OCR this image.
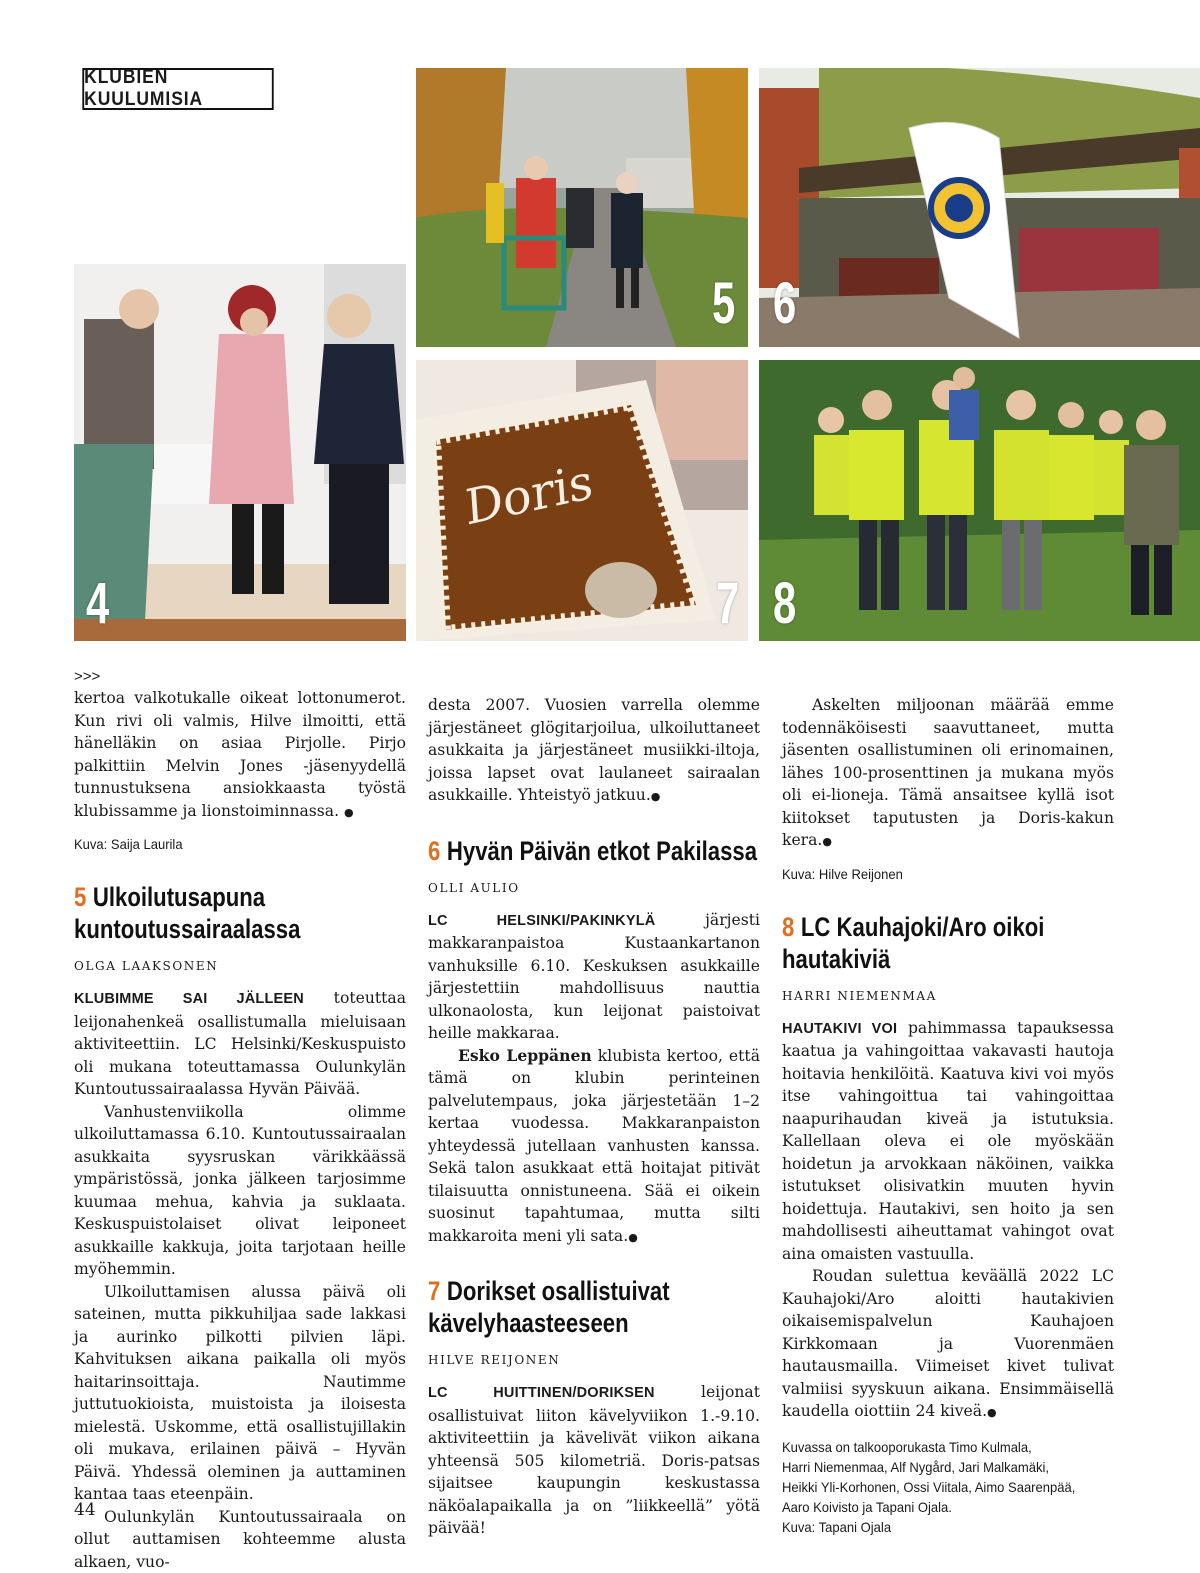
KLUBIEN KUULUMISIA
5 6
4
Doris
7 8
>>>

kertoa valkotukalle oikeat lottonumerot. Kun rivi oli valmis, Hilve ilmoitti, että hänelläkin on asiaa Pirjolle. Pirjo palkittiin Melvin Jones -jäsenyydellä tunnustuksena ansiokkaasta työstä klubissamme ja lionstoiminnassa. ●

Kuva: Saija Laurila
5 Ulkoilutusapuna kuntoutussairaalassa
OLGA LAAKSONEN

KLUBIMME SAI JÄLLEEN toteuttaa leijonahenkeä osallistumalla mieluisaan aktiviteettiin. LC Helsinki/Keskuspuisto oli mukana toteuttamassa Oulunkylän Kuntoutussairaalassa Hyvän Päivää.

Vanhustenviikolla olimme ulkoiluttamassa 6.10. Kuntoutussairaalan asukkaita syysruskan värikkäässä ympäristössä, jonka jälkeen tarjosimme kuumaa mehua, kahvia ja suklaata. Keskuspuistolaiset olivat leiponeet asukkaille kakkuja, joita tarjotaan heille myöhemmin.

Ulkoiluttamisen alussa päivä oli sateinen, mutta pikkuhiljaa sade lakkasi ja aurinko pilkotti pilvien läpi. Kahvituksen aikana paikalla oli myös haitarinsoittaja. Nautimme juttutuokioista, muistoista ja iloisesta mielestä. Uskomme, että osallistujillakin oli mukava, erilainen päivä – Hyvän Päivä. Yhdessä oleminen ja auttaminen kantaa taas eteenpäin.

Oulunkylän Kuntoutussairaala on ollut auttamisen kohteemme alusta alkaen, vuo-

desta 2007. Vuosien varrella olemme järjestäneet glögitarjoilua, ulkoiluttaneet asukkaita ja järjestäneet musiikki-iltoja, joissa lapset ovat laulaneet sairaalan asukkaille. Yhteistyö jatkuu.●

6 Hyvän Päivän etkot Pakilassa
OLLI AULIO

LC HELSINKI/PAKINKYLÄ järjesti makkaranpaistoa Kustaankartanon vanhuksille 6.10. Keskuksen asukkaille järjestettiin mahdollisuus nauttia ulkonaolosta, kun leijonat paistoivat heille makkaraa.

Esko Leppänen klubista kertoo, että tämä on klubin perinteinen palvelutempaus, joka järjestetään 1–2 kertaa vuodessa. Makkaranpaiston yhteydessä jutellaan vanhusten kanssa. Sekä talon asukkaat että hoitajat pitivät tilaisuutta onnistuneena. Sää ei oikein suosinut tapahtumaa, mutta silti makkaroita meni yli sata.●

7 Dorikset osallistuivat kävelyhaasteeseen
HILVE REIJONEN

LC HUITTINEN/DORIKSEN leijonat osallistuivat liiton kävelyviikon 1.-9.10. aktiviteettiin ja kävelivät viikon aikana yhteensä 505 kilometriä. Doris-patsas sijaitsee kaupungin keskustassa näköalapaikalla ja on ”liikkeellä” yötä päivää!

Askelten miljoonan määrää emme todennäköisesti saavuttaneet, mutta jäsenten osallistuminen oli erinomainen, lähes 100-prosenttinen ja mukana myös oli ei-lioneja. Tämä ansaitsee kyllä isot kiitokset taputusten ja Doris-kakun kera.●

Kuva: Hilve Reijonen
8 LC Kauhajoki/Aro oikoi hautakiviä
HARRI NIEMENMAA

HAUTAKIVI VOI pahimmassa tapauksessa kaatua ja vahingoittaa vakavasti hautoja hoitavia henkilöitä. Kaatuva kivi voi myös itse vahingoittua tai vahingoittaa naapurihaudan kiveä ja istutuksia. Kallellaan oleva ei ole myöskään hoidetun ja arvokkaan näköinen, vaikka istutukset olisivatkin muuten hyvin hoidettuja. Hautakivi, sen hoito ja sen mahdollisesti aiheuttamat vahingot ovat aina omaisten vastuulla.

Roudan sulettua keväällä 2022 LC Kauhajoki/Aro aloitti hautakivien oikaisemispalvelun Kauhajoen Kirkkomaan ja Vuorenmäen hautausmailla. Viimeiset kivet tulivat valmiisi syyskuun aikana. Ensimmäisellä kaudella oiottiin 24 kiveä.●

Kuvassa on talkooporukasta Timo Kulmala,
Harri Niemenmaa, Alf Nygård, Jari Malkamäki,
Heikki Yli-Korhonen, Ossi Viitala, Aimo Saarenpää,
Aaro Koivisto ja Tapani Ojala.
Kuva: Tapani Ojala
44
